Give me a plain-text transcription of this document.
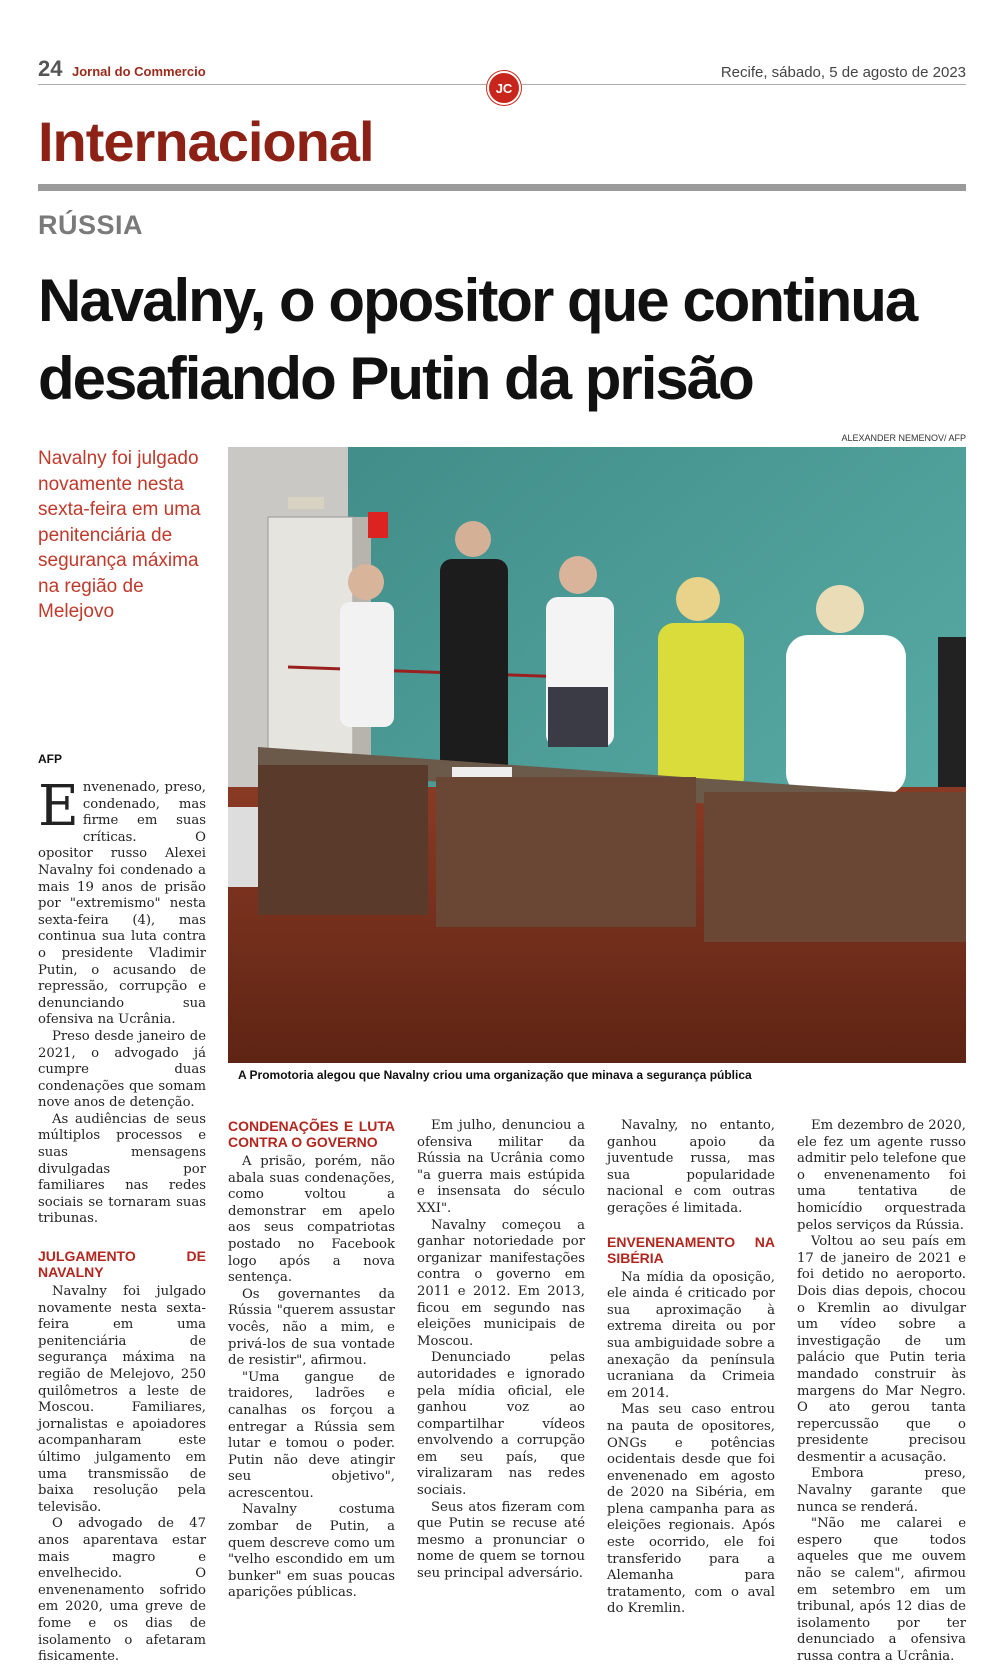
24 Jornal do Commercio
JC
Recife, sábado, 5 de agosto de 2023
Internacional
RÚSSIA
Navalny, o opositor que continua desafiando Putin da prisão
Navalny foi julgado novamente nesta sexta-feira em uma penitenciária de segurança máxima na região de Melejovo
ALEXANDER NEMENOV/ AFP
A Promotoria alegou que Navalny criou uma organização que minava a segurança pública
AFP

Envenenado, preso, condenado, mas firme em suas críticas. O opositor russo Alexei Navalny foi condenado a mais 19 anos de prisão por "extremismo" nesta sexta-feira (4), mas continua sua luta contra o presidente Vladimir Putin, o acusando de repressão, corrupção e denunciando sua ofensiva na Ucrânia.

Preso desde janeiro de 2021, o advogado já cumpre duas condenações que somam nove anos de detenção.

As audiências de seus múltiplos processos e suas mensagens divulgadas por familiares nas redes sociais se tornaram suas tribunas.

JULGAMENTO DE NAVALNY

Navalny foi julgado novamente nesta sexta-feira em uma penitenciária de segurança máxima na região de Melejovo, 250 quilômetros a leste de Moscou. Familiares, jornalistas e apoiadores acompanharam este último julgamento em uma transmissão de baixa resolução pela televisão.

O advogado de 47 anos aparentava estar mais magro e envelhecido. O envenenamento sofrido em 2020, uma greve de fome e os dias de isolamento o afetaram fisicamente.

CONDENAÇÕES E LUTA CONTRA O GOVERNO

A prisão, porém, não abala suas condenações, como voltou a demonstrar em apelo aos seus compatriotas postado no Facebook logo após a nova sentença.

Os governantes da Rússia "querem assustar vocês, não a mim, e privá-los de sua vontade de resistir", afirmou.

"Uma gangue de traidores, ladrões e canalhas os forçou a entregar a Rússia sem lutar e tomou o poder. Putin não deve atingir seu objetivo", acrescentou.

Navalny costuma zombar de Putin, a quem descreve como um "velho escondido em um bunker" em suas poucas aparições públicas.

Em julho, denunciou a ofensiva militar da Rússia na Ucrânia como "a guerra mais estúpida e insensata do século XXI".

Navalny começou a ganhar notoriedade por organizar manifestações contra o governo em 2011 e 2012. Em 2013, ficou em segundo nas eleições municipais de Moscou.

Denunciado pelas autoridades e ignorado pela mídia oficial, ele ganhou voz ao compartilhar vídeos envolvendo a corrupção em seu país, que viralizaram nas redes sociais.

Seus atos fizeram com que Putin se recuse até mesmo a pronunciar o nome de quem se tornou seu principal adversário.

Navalny, no entanto, ganhou apoio da juventude russa, mas sua popularidade nacional e com outras gerações é limitada.

ENVENENAMENTO NA SIBÉRIA

Na mídia da oposição, ele ainda é criticado por sua aproximação à extrema direita ou por sua ambiguidade sobre a anexação da península ucraniana da Crimeia em 2014.

Mas seu caso entrou na pauta de opositores, ONGs e potências ocidentais desde que foi envenenado em agosto de 2020 na Sibéria, em plena campanha para as eleições regionais. Após este ocorrido, ele foi transferido para a Alemanha para tratamento, com o aval do Kremlin.

Em dezembro de 2020, ele fez um agente russo admitir pelo telefone que o envenenamento foi uma tentativa de homicídio orquestrada pelos serviços da Rússia.

Voltou ao seu país em 17 de janeiro de 2021 e foi detido no aeroporto. Dois dias depois, chocou o Kremlin ao divulgar um vídeo sobre a investigação de um palácio que Putin teria mandado construir às margens do Mar Negro. O ato gerou tanta repercussão que o presidente precisou desmentir a acusação.

Embora preso, Navalny garante que nunca se renderá.

"Não me calarei e espero que todos aqueles que me ouvem não se calem", afirmou em setembro em um tribunal, após 12 dias de isolamento por ter denunciado a ofensiva russa contra a Ucrânia.
